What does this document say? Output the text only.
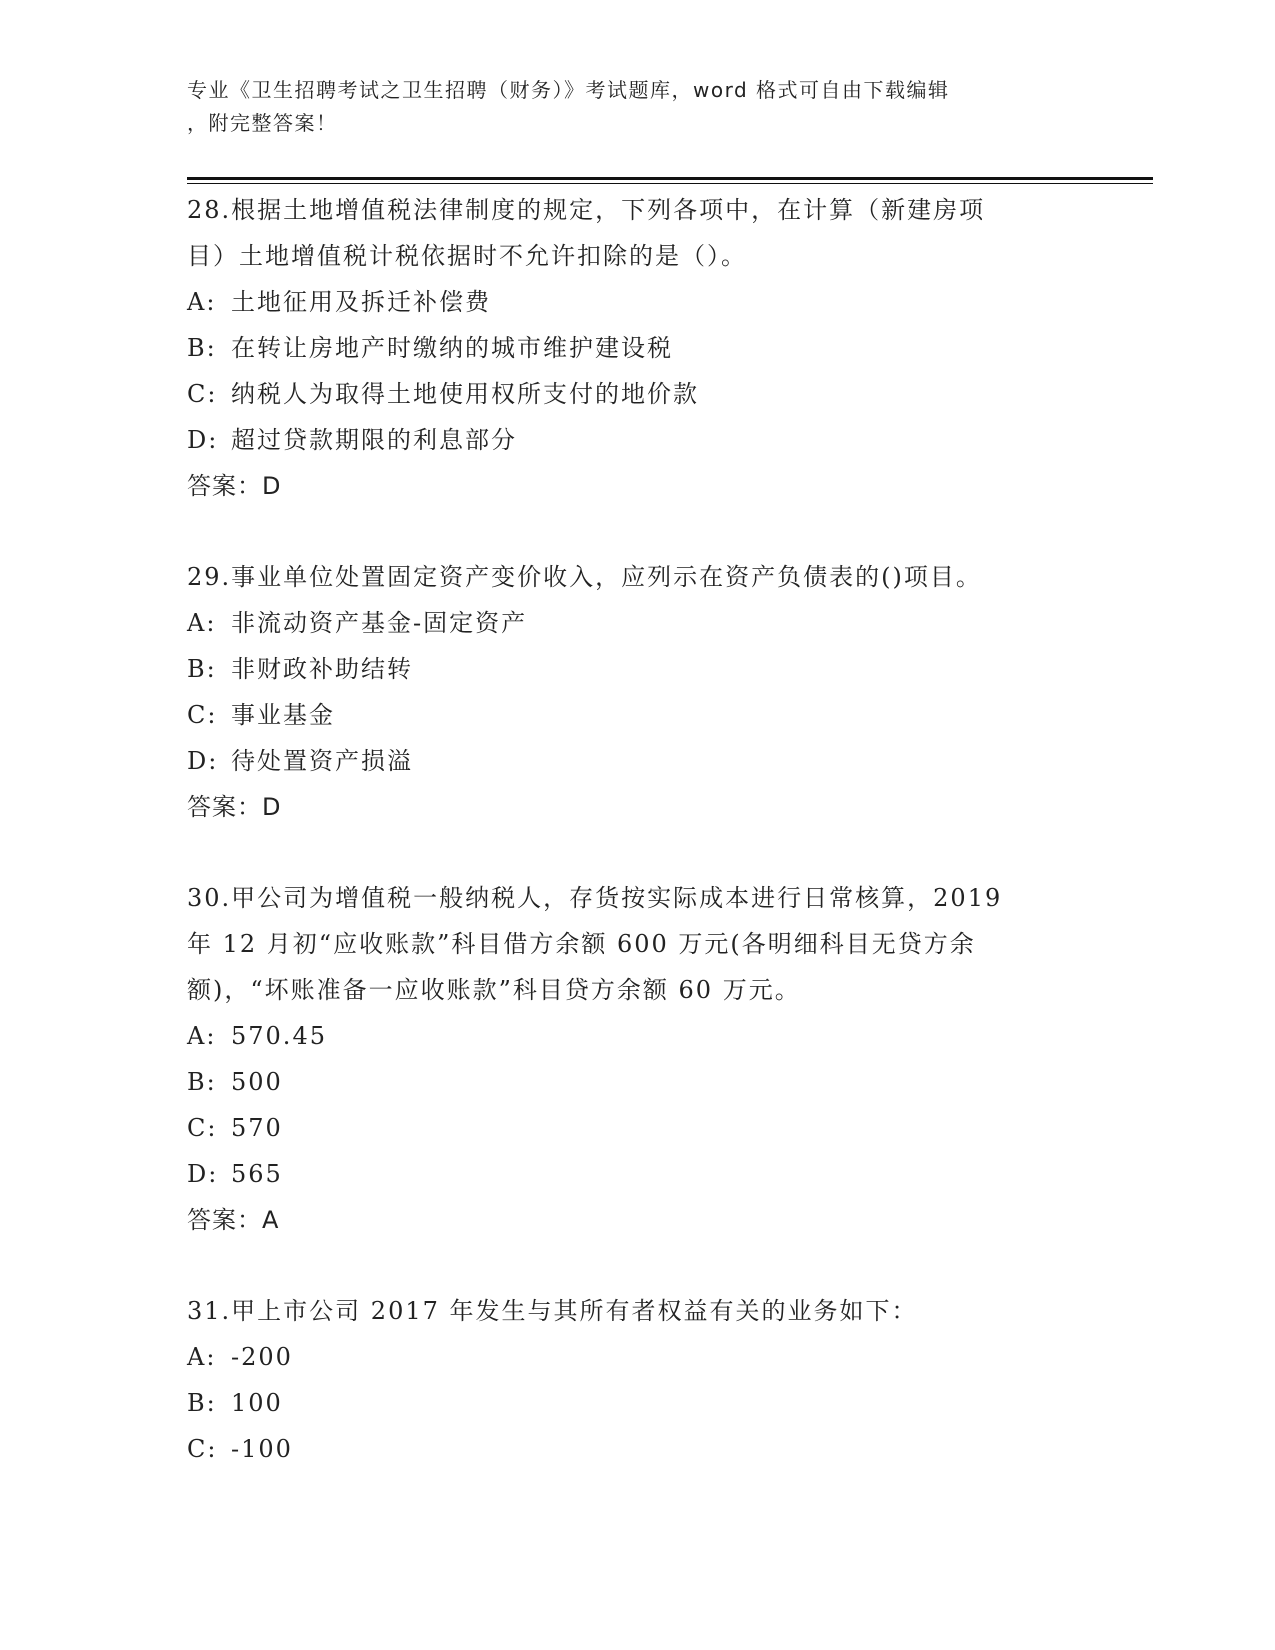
专业《卫生招聘考试之卫生招聘（财务）》考试题库，word 格式可自由下载编辑
，附完整答案！
28.根据土地增值税法律制度的规定，下列各项中，在计算（新建房项
目）土地增值税计税依据时不允许扣除的是（）。
A: 土地征用及拆迁补偿费
B: 在转让房地产时缴纳的城市维护建设税
C: 纳税人为取得土地使用权所支付的地价款
D: 超过贷款期限的利息部分
答案：D
29.事业单位处置固定资产变价收入，应列示在资产负债表的()项目。
A: 非流动资产基金-固定资产
B: 非财政补助结转
C: 事业基金
D: 待处置资产损溢
答案：D
30.甲公司为增值税一般纳税人，存货按实际成本进行日常核算，2019
年 12 月初“应收账款”科目借方余额 600 万元(各明细科目无贷方余
额)，“坏账准备一应收账款”科目贷方余额 60 万元。
A: 570.45
B: 500
C: 570
D: 565
答案：A
31.甲上市公司 2017 年发生与其所有者权益有关的业务如下：
A: -200
B: 100
C: -100
